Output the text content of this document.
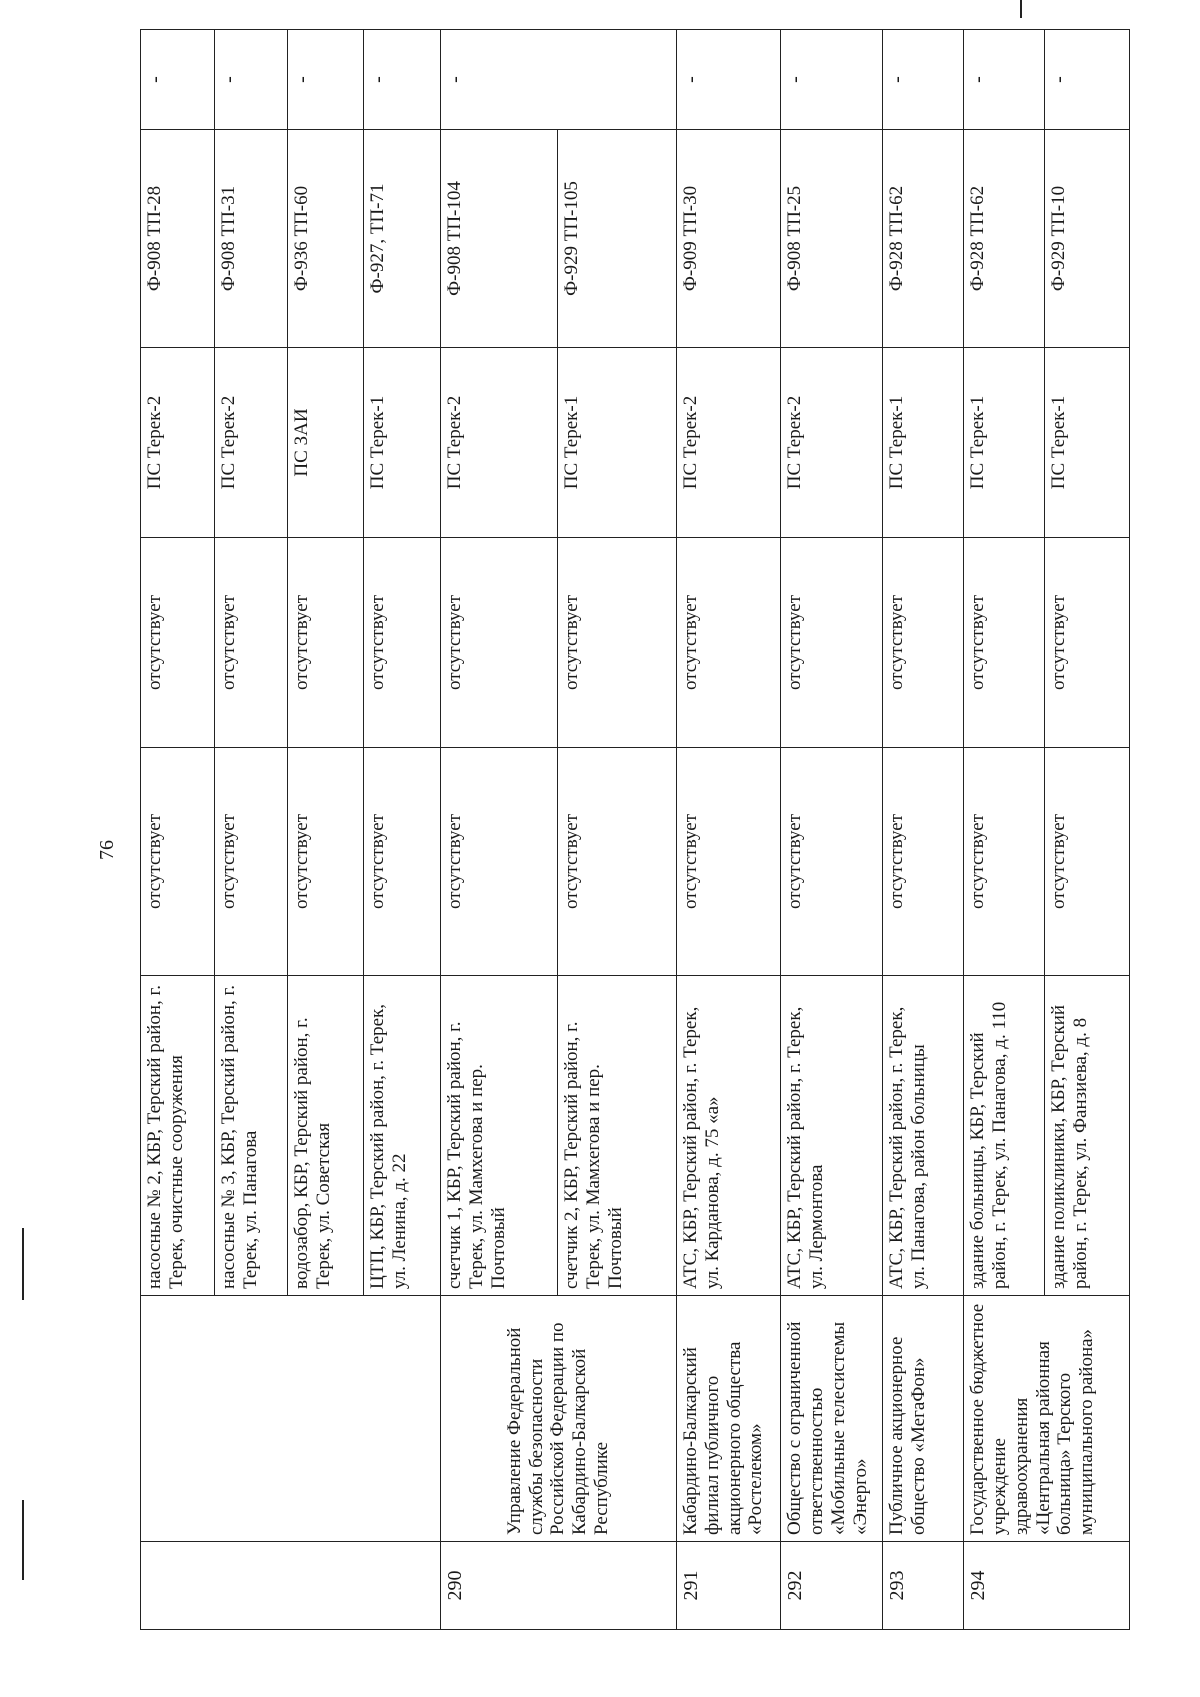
76
		насосные № 2, КБР, Терский район, г. Терек, очистные сооружения	отсутствует	отсутствует	ПС Терек-2	Ф-908 ТП-28	-
		насосные № 3, КБР, Терский район, г. Терек, ул. Панагова	отсутствует	отсутствует	ПС Терек-2	Ф-908 ТП-31	-
		водозабор, КБР, Терский район, г. Терек, ул. Советская	отсутствует	отсутствует	ПС ЗАИ	Ф-936 ТП-60	-
		ЦТП, КБР, Терский район, г. Терек, ул. Ленина, д. 22	отсутствует	отсутствует	ПС Терек-1	Ф-927, ТП-71	-
290	Управление Федеральной службы безопасности Российской Федерации по Кабардино-Балкарской Республике	счетчик 1, КБР, Терский район, г. Терек, ул. Мамхегова и пер. Почтовый	отсутствует	отсутствует	ПС Терек-2	Ф-908 ТП-104	-
		счетчик 2, КБР, Терский район, г. Терек, ул. Мамхегова и пер. Почтовый	отсутствует	отсутствует	ПС Терек-1	Ф-929 ТП-105	
291	Кабардино-Балкарский филиал публичного акционерного общества «Ростелеком»	АТС, КБР, Терский район, г. Терек, ул. Карданова, д. 75 «а»	отсутствует	отсутствует	ПС Терек-2	Ф-909 ТП-30	-
292	Общество с ограниченной ответственностью «Мобильные телесистемы «Энерго»	АТС, КБР, Терский район, г. Терек, ул. Лермонтова	отсутствует	отсутствует	ПС Терек-2	Ф-908 ТП-25	-
293	Публичное акционерное общество «МегаФон»	АТС, КБР, Терский район, г. Терек, ул. Панагова, район больницы	отсутствует	отсутствует	ПС Терек-1	Ф-928 ТП-62	-
294	Государственное бюджетное учреждение здравоохранения «Центральная районная больница» Терского муниципального района»	здание больницы, КБР, Терский район, г. Терек, ул. Панагова, д. 110	отсутствует	отсутствует	ПС Терек-1	Ф-928 ТП-62	-
		здание поликлиники, КБР, Терский район, г. Терек, ул. Фанзиева, д. 8	отсутствует	отсутствует	ПС Терек-1	Ф-929 ТП-10	-
